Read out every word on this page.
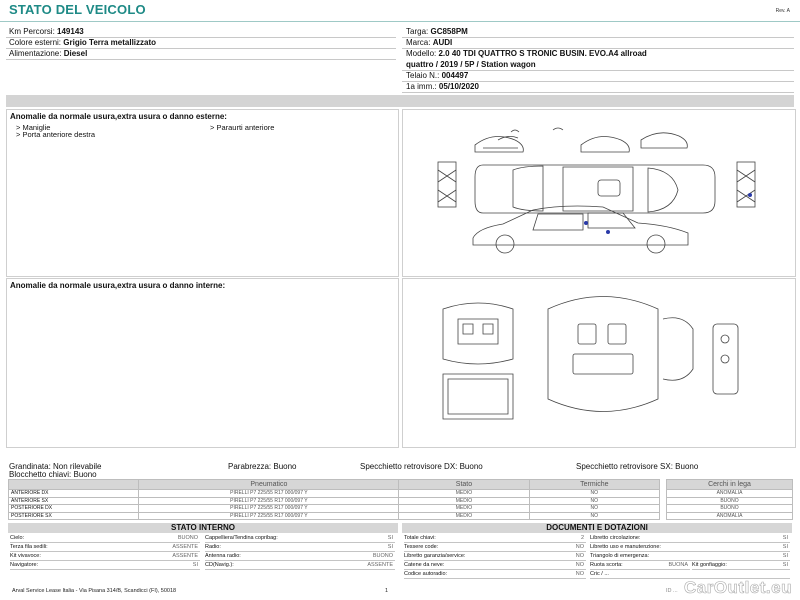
STATO DEL VEICOLO	Rev. A
Km Percorsi: 149143
Colore esterni: Grigio Terra metallizzato
Alimentazione: Diesel
Targa: GC858PM
Marca: AUDI
Modello: 2.0 40 TDI QUATTRO S TRONIC BUSIN. EVO.A4 allroad
quattro / 2019 / 5P / Station wagon
Telaio N.: 004497
1a imm.: 05/10/2020
Anomalie da normale usura,extra usura o danno esterne:
> Maniglie
> Porta anteriore destra
> Paraurti anteriore
Anomalie da normale usura,extra usura o danno interne:
Grandinata: Non rilevabile
Blocchetto chiavi: Buono
Parabrezza: Buono	Specchietto retrovisore DX: Buono	Specchietto retrovisore SX: Buono
	Pneumatico	Stato	Termiche
ANTERIORE DX	PIRELLI P7 225/55 R17 000/097 Y	MEDIO	NO
ANTERIORE SX	PIRELLI P7 225/55 R17 000/097 Y	MEDIO	NO
POSTERIORE DX	PIRELLI P7 225/55 R17 000/097 Y	MEDIO	NO
POSTERIORE SX	PIRELLI P7 225/55 R17 000/097 Y	MEDIO	NO
Cerchi in lega
ANOMALIA
BUONO
BUONO
ANOMALIA
STATO INTERNO
Cielo:	BUONO
Terza fila sedili:	ASSENTE
Kit vivavoce:	ASSENTE
Navigatore:	SI
Cappelliera/Tendina copribag:	SI
Radio:	SI
Antenna radio:	BUONO
CD(Navig.):	ASSENTE
DOCUMENTI E DOTAZIONI
Totale chiavi:	2
Tessere code:	NO
Libretto garanzia/service:	NO
Catene da neve:	NO
Codice autoradio:	NO
Libretto circolazione:	SI
Libretto uso e manutenzione:	SI
Triangolo di emergenza:	SI
Ruota scorta:	BUONA Kit gonfiaggio:	SI
Cric / ...
Arval Service Lease Italia - Via Pisana 314/B, Scandicci (FI), 50018	1	ID ... CarOutlet.eu
